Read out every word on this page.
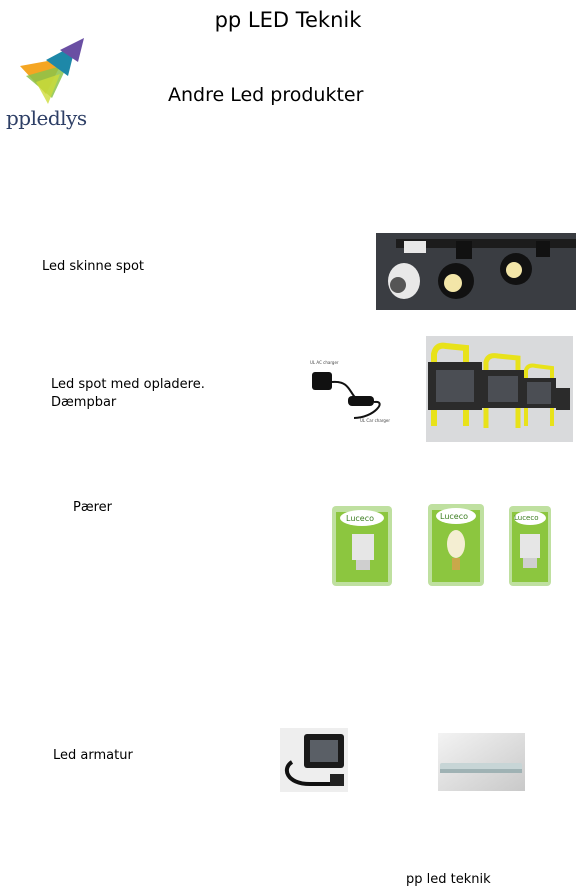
pp LED Teknik
ppledlys
Andre Led produkter
Led skinne spot
Led spot med opladere.
Dæmpbar
UL AC charger
UL Car charger
Pærer
Luceco	Luceco	Luceco
Led armatur
pp led teknik
